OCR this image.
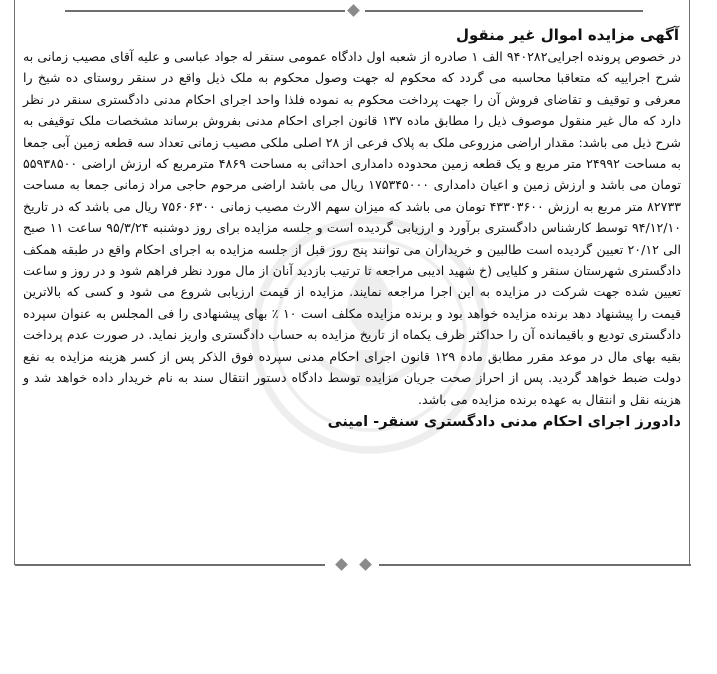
آگهی مزایده اموال غیر منقول

در خصوص پرونده اجرایی۹۴۰۲۸۲ الف ۱ صادره از شعبه اول دادگاه عمومی سنقر له جواد عباسی و علیه آقای مصیب زمانی به شرح اجراییه که متعاقبا محاسبه می گردد که محکوم له جهت وصول محکوم به ملک ذیل واقع در سنقر روستای ده شیخ را معرفی و توقیف و تقاضای فروش آن را جهت پرداخت محکوم به نموده فلذا واحد اجرای احکام مدنی دادگستری سنقر در نظر دارد که مال غیر منقول موصوف ذیل را مطابق ماده ۱۳۷ قانون اجرای احکام مدنی بفروش برساند مشخصات ملک توقیفی به شرح ذیل می باشد: مقدار اراضی مزروعی ملک به پلاک فرعی از ۲۸ اصلی ملکی مصیب زمانی تعداد سه قطعه زمین آبی جمعا به مساحت ۲۴۹۹۲ متر مربع و یک قطعه زمین محدوده دامداری احداثی به مساحت ۴۸۶۹ مترمربع که ارزش اراضی ۵۵۹۳۸۵۰۰ تومان می باشد و ارزش زمین و اعیان دامداری ۱۷۵۳۴۵۰۰۰ ریال می باشد اراضی مرحوم حاجی مراد زمانی جمعا به مساحت ۸۲۷۳۳ متر مربع به ارزش ۴۳۳۰۳۶۰۰ تومان می باشد که میزان سهم الارث مصیب زمانی ۷۵۶۰۶۳۰۰ ریال می باشد که در تاریخ ۹۴/۱۲/۱۰ توسط کارشناس دادگستری برآورد و ارزیابی گردیده است و جلسه مزایده برای روز دوشنبه ۹۵/۳/۲۴ ساعت ۱۱ صبح الی ۲۰/۱۲ تعیین گردیده است طالبین و خریداران می توانند پنج روز قبل از جلسه مزایده به اجرای احکام واقع در طبقه همکف دادگستری شهرستان سنقر و کلیایی (خ شهید ادیبی مراجعه تا ترتیب بازدید آنان از مال مورد نظر فراهم شود و در روز و ساعت تعیین شده جهت شرکت در مزایده به این اجرا مراجعه نمایند. مزایده از قیمت ارزیابی شروع می شود و کسی که بالاترین قیمت را پیشنهاد دهد برنده مزایده خواهد بود و برنده مزایده مکلف است ۱۰ ٪ بهای پیشنهادی را فی المجلس به عنوان سپرده دادگستری تودیع و باقیمانده آن را حداکثر ظرف یکماه از تاریخ مزایده به حساب دادگستری واریز نماید. در صورت عدم پرداخت بقیه بهای مال در موعد مقرر مطابق ماده ۱۲۹ قانون اجرای احکام مدنی سپرده فوق الذکر پس از کسر هزینه مزایده به نفع دولت ضبط خواهد گردید. پس از احراز صحت جریان مزایده توسط دادگاه دستور انتقال سند به نام خریدار داده خواهد شد و هزینه نقل و انتقال به عهده برنده مزایده می باشد.

دادورز اجرای احکام مدنی دادگستری سنقر- امینی
